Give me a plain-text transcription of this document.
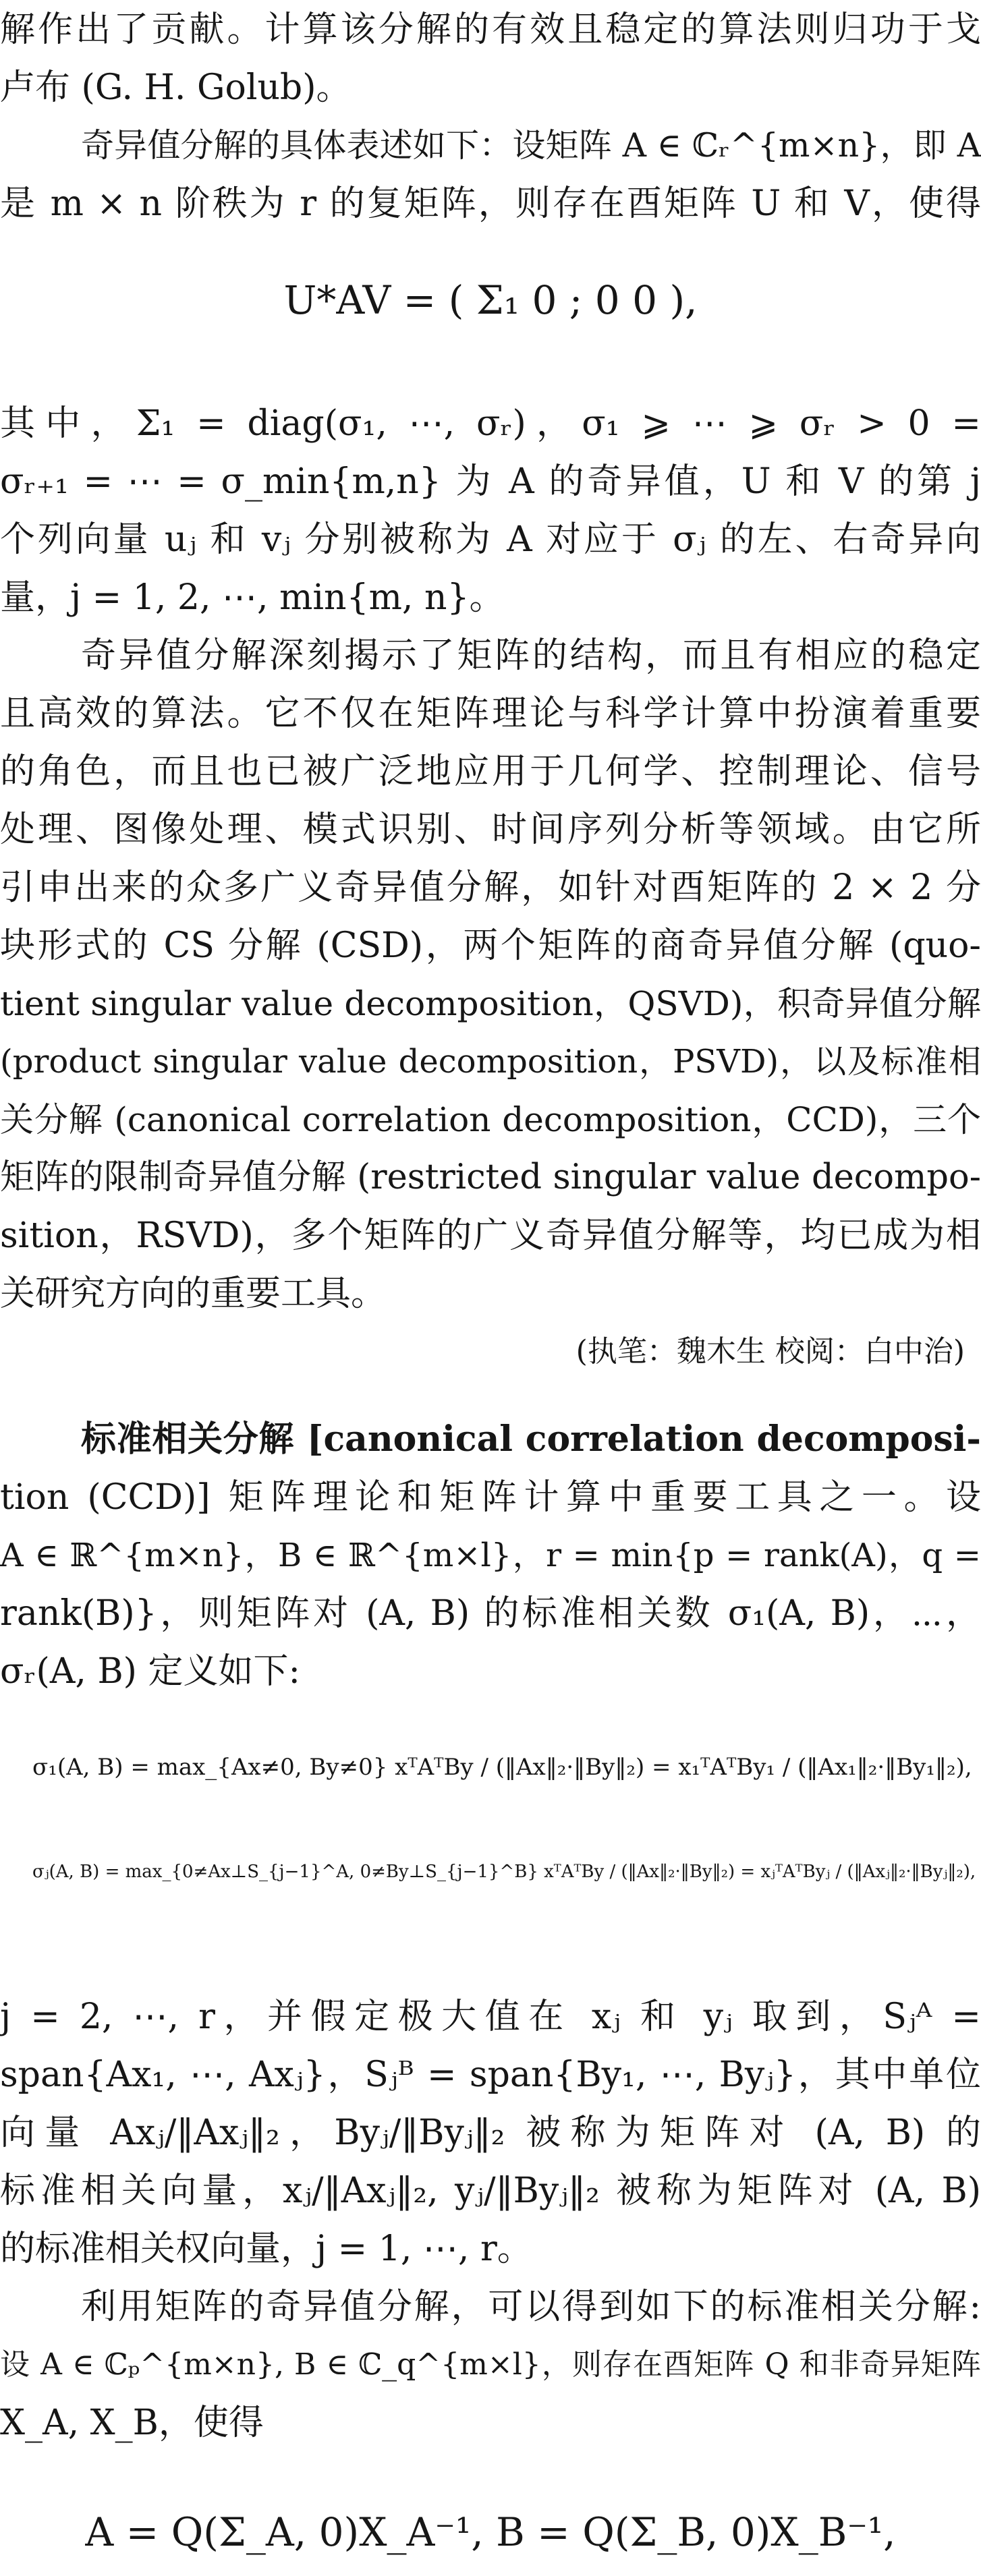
解作出了贡献。计算该分解的有效且稳定的算法则归功于戈
卢布 (G. H. Golub)。
奇异值分解的具体表述如下：设矩阵 A ∈ ℂᵣ^{m×n}，即 A
是 m × n 阶秩为 r 的复矩阵，则存在酉矩阵 U 和 V，使得
U*AV = ( Σ₁ 0 ; 0 0 ),
其中，Σ₁ = diag(σ₁, ⋯, σᵣ)，σ₁ ⩾ ⋯ ⩾ σᵣ > 0 =
σᵣ₊₁ = ⋯ = σ_min{m,n} 为 A 的奇异值，U 和 V 的第 j
个列向量 uⱼ 和 vⱼ 分别被称为 A 对应于 σⱼ 的左、右奇异向
量，j = 1, 2, ⋯, min{m, n}。
奇异值分解深刻揭示了矩阵的结构，而且有相应的稳定
且高效的算法。它不仅在矩阵理论与科学计算中扮演着重要
的角色，而且也已被广泛地应用于几何学、控制理论、信号
处理、图像处理、模式识别、时间序列分析等领域。由它所
引申出来的众多广义奇异值分解，如针对酉矩阵的 2 × 2 分
块形式的 CS 分解 (CSD)，两个矩阵的商奇异值分解 (quo-
tient singular value decomposition，QSVD)，积奇异值分解
(product singular value decomposition，PSVD)，以及标准相
关分解 (canonical correlation decomposition，CCD)，三个
矩阵的限制奇异值分解 (restricted singular value decompo-
sition，RSVD)，多个矩阵的广义奇异值分解等，均已成为相
关研究方向的重要工具。
(执笔：魏木生 校阅：白中治)
标准相关分解 [canonical correlation decomposi-
tion (CCD)] 矩阵理论和矩阵计算中重要工具之一。设
A ∈ ℝ^{m×n}，B ∈ ℝ^{m×l}，r = min{p = rank(A)，q =
rank(B)}，则矩阵对 (A, B) 的标准相关数 σ₁(A, B)，⋯，
σᵣ(A, B) 定义如下:
σ₁(A, B) = max_{Ax≠0, By≠0} xᵀAᵀBy / (‖Ax‖₂·‖By‖₂) = x₁ᵀAᵀBy₁ / (‖Ax₁‖₂·‖By₁‖₂),
σⱼ(A, B) = max_{0≠Ax⊥S_{j−1}^A, 0≠By⊥S_{j−1}^B} xᵀAᵀBy / (‖Ax‖₂·‖By‖₂) = xⱼᵀAᵀByⱼ / (‖Axⱼ‖₂·‖Byⱼ‖₂),
j = 2, ⋯, r，并假定极大值在 xⱼ 和 yⱼ 取到，Sⱼᴬ =
span{Ax₁, ⋯, Axⱼ}，Sⱼᴮ = span{By₁, ⋯, Byⱼ}，其中单位
向量 Axⱼ/‖Axⱼ‖₂，Byⱼ/‖Byⱼ‖₂ 被称为矩阵对 (A, B) 的
标准相关向量，xⱼ/‖Axⱼ‖₂, yⱼ/‖Byⱼ‖₂ 被称为矩阵对 (A, B)
的标准相关权向量，j = 1, ⋯, r。
利用矩阵的奇异值分解，可以得到如下的标准相关分解:
设 A ∈ ℂₚ^{m×n}, B ∈ ℂ_q^{m×l}，则存在酉矩阵 Q 和非奇异矩阵
X_A, X_B，使得
A = Q(Σ_A, 0)X_A⁻¹, B = Q(Σ_B, 0)X_B⁻¹,
